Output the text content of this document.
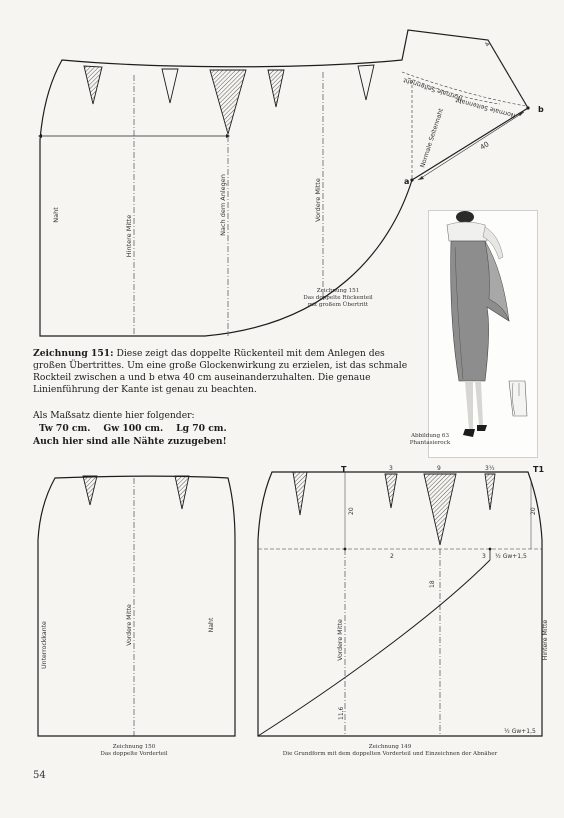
Naht	Hintere Mitte
Nach dem Anlegen	Vordere Mitte
Normale Seitennaht
Normale Seitennaht
Normale Seitennaht
a
b
40
4
Zeichnung 151
Das doppelte Rückenteil
mit großem Übertritt
Zeichnung 151: Diese zeigt das doppelte Rückenteil mit dem Anlegen des großen Übertrittes. Um eine große Glockenwirkung zu erzielen, ist das schmale Rockteil zwischen a und b etwa 40 cm auseinanderzuhalten. Die genaue Linienführung der Kante ist genau zu beachten.
Als Maßsatz diente hier folgender:
Tw 70 cm. Gw 100 cm. Lg 70 cm.
Auch hier sind alle Nähte zuzugeben!	Abbildung 63
Phantasierock
Unterrockkante	Vordere Mitte	Naht
Zeichnung 150
Das doppelte Vorderteil
T	T1
3	9	3½
20	20
2	3 ½ Gw+1,5
18
11,6
Vordere Mitte	Hintere Mitte
½ Gw+1,5
Zeichnung 149
Die Grundform mit dem doppelten Vorderteil und Einzeichnen der Abnäher
54
